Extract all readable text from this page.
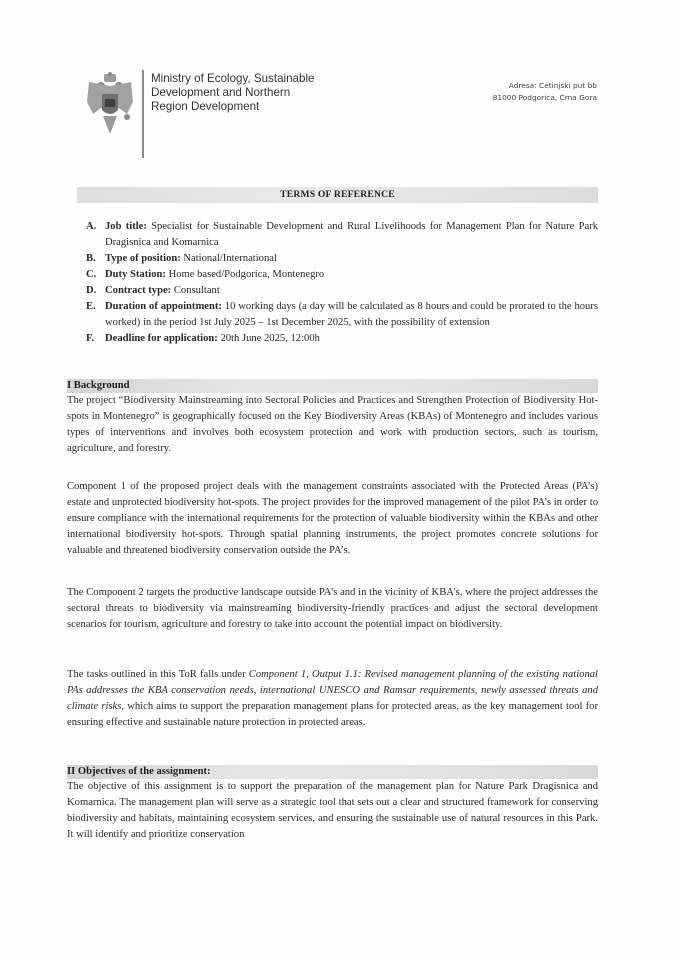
Ministry of Ecology, Sustainable
Development and Northern
Region Development
Adresa: Cetinjski put bb
81000 Podgorica, Crna Gora
TERMS OF REFERENCE
A. Job title: Specialist for Sustainable Development and Rural Livelihoods for Management Plan for Nature Park Dragisnica and Komarnica
B. Type of position: National/International
C. Duty Station: Home based/Podgorica, Montenegro
D. Contract type: Consultant
E. Duration of appointment: 10 working days (a day will be calculated as 8 hours and could be prorated to the hours worked) in the period 1st July 2025 – 1st December 2025, with the possibility of extension
F. Deadline for application: 20th June 2025, 12:00h
I Background

The project “Biodiversity Mainstreaming into Sectoral Policies and Practices and Strengthen Protection of Biodiversity Hot-spots in Montenegro” is geographically focused on the Key Biodiversity Areas (KBAs) of Montenegro and includes various types of interventions and involves both ecosystem protection and work with production sectors, such as tourism, agriculture, and forestry.

Component 1 of the proposed project deals with the management constraints associated with the Protected Areas (PA’s) estate and unprotected biodiversity hot-spots. The project provides for the improved management of the pilot PA’s in order to ensure compliance with the international requirements for the protection of valuable biodiversity within the KBAs and other international biodiversity hot-spots. Through spatial planning instruments, the project promotes concrete solutions for valuable and threatened biodiversity conservation outside the PA’s.

The Component 2 targets the productive landscape outside PA’s and in the vicinity of KBA’s, where the project addresses the sectoral threats to biodiversity via mainstreaming biodiversity-friendly practices and adjust the sectoral development scenarios for tourism, agriculture and forestry to take into account the potential impact on biodiversity.

The tasks outlined in this ToR falls under Component 1, Output 1.1: Revised management planning of the existing national PAs addresses the KBA conservation needs, international UNESCO and Ramsar requirements, newly assessed threats and climate risks, which aims to support the preparation management plans for protected areas, as the key management tool for ensuring effective and sustainable nature protection in protected areas.

II Objectives of the assignment:

The objective of this assignment is to support the preparation of the management plan for Nature Park Dragisnica and Komarnica. The management plan will serve as a strategic tool that sets out a clear and structured framework for conserving biodiversity and habitats, maintaining ecosystem services, and ensuring the sustainable use of natural resources in this Park. It will identify and prioritize conservation
